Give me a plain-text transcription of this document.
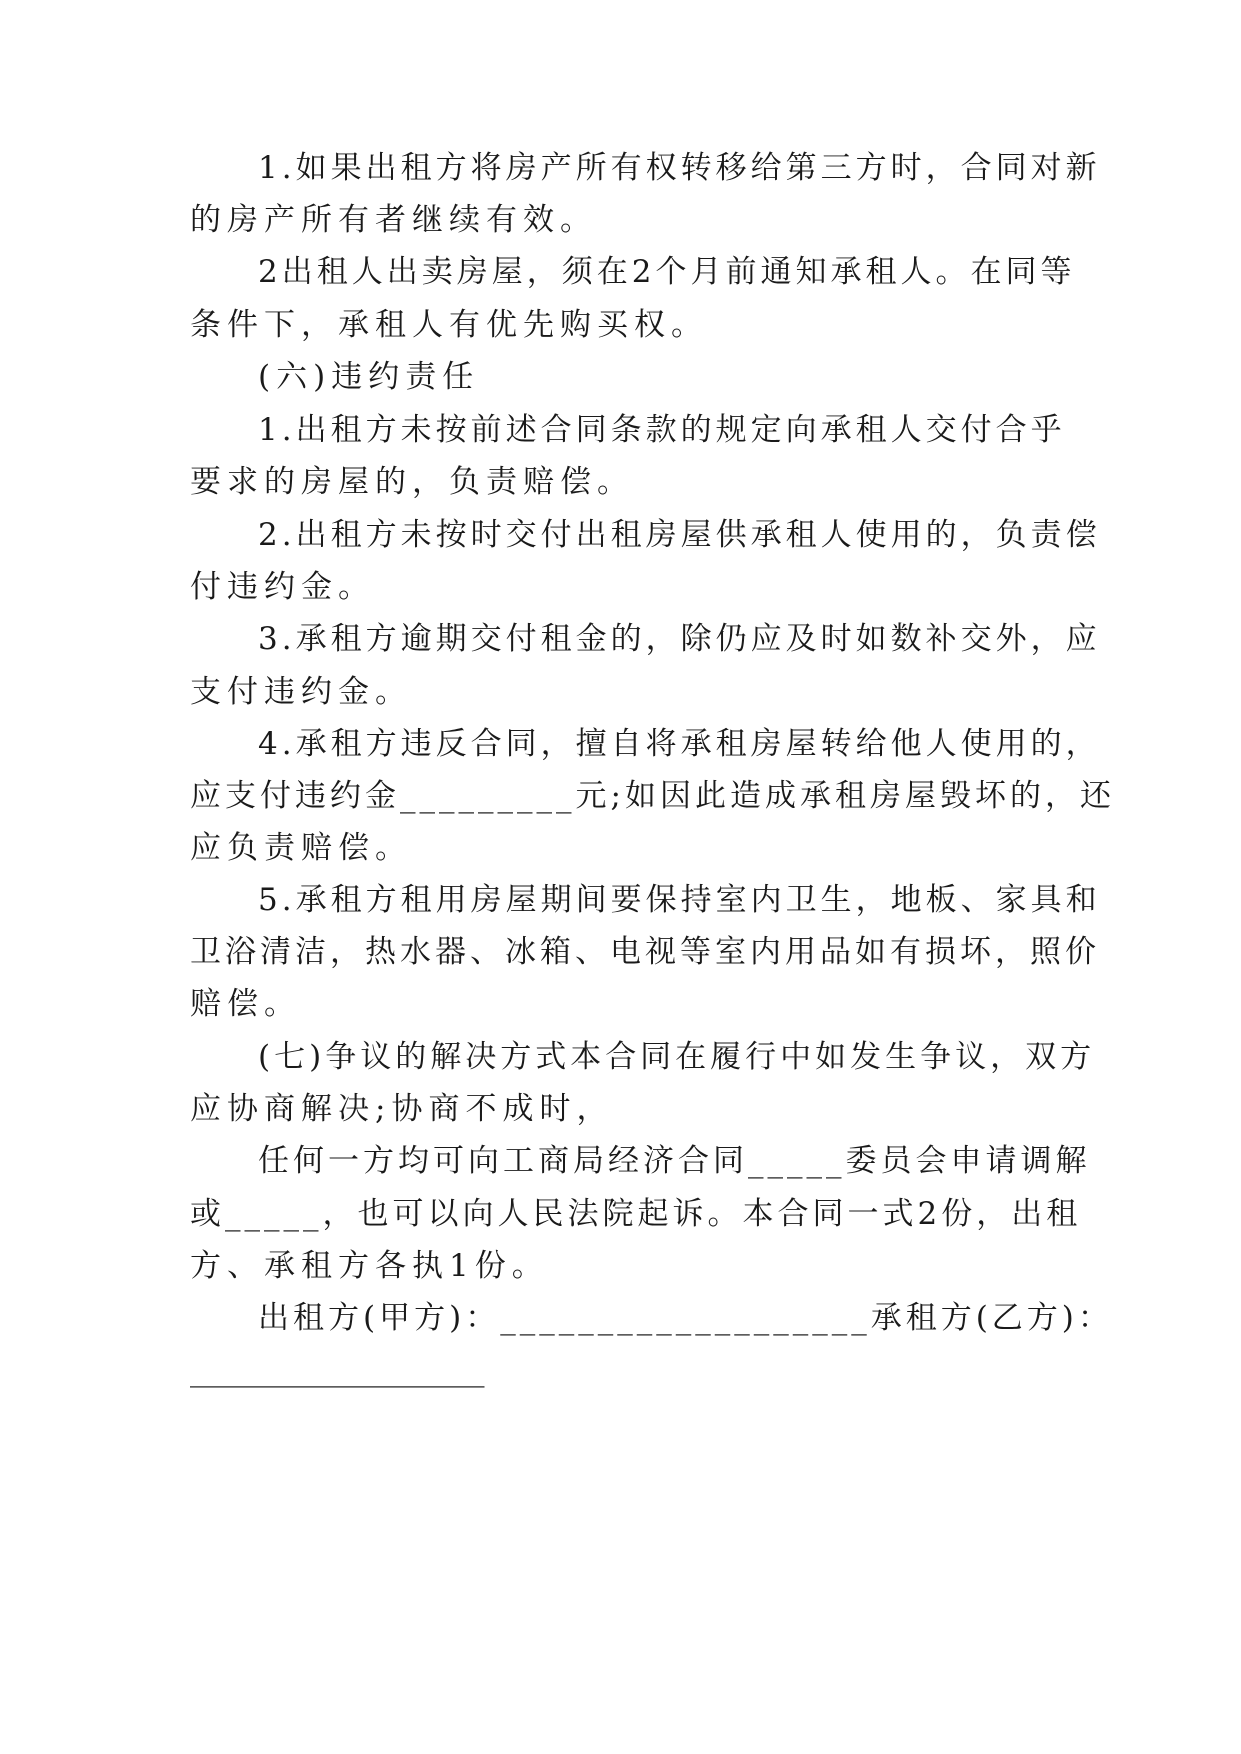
1.如果出租方将房产所有权转移给第三方时，合同对新
的房产所有者继续有效。
2出租人出卖房屋，须在2个月前通知承租人。在同等
条件下，承租人有优先购买权。
(六)违约责任
1.出租方未按前述合同条款的规定向承租人交付合乎
要求的房屋的，负责赔偿。
2.出租方未按时交付出租房屋供承租人使用的，负责偿
付违约金。
3.承租方逾期交付租金的，除仍应及时如数补交外，应
支付违约金。
4.承租方违反合同，擅自将承租房屋转给他人使用的，
应支付违约金_________元;如因此造成承租房屋毁坏的，还
应负责赔偿。
5.承租方租用房屋期间要保持室内卫生，地板、家具和
卫浴清洁，热水器、冰箱、电视等室内用品如有损坏，照价
赔偿。
(七)争议的解决方式本合同在履行中如发生争议，双方
应协商解决;协商不成时，
任何一方均可向工商局经济合同_____委员会申请调解
或_____，也可以向人民法院起诉。本合同一式2份，出租
方、承租方各执1份。
出租方(甲方)：___________________承租方(乙方)：
___________________
